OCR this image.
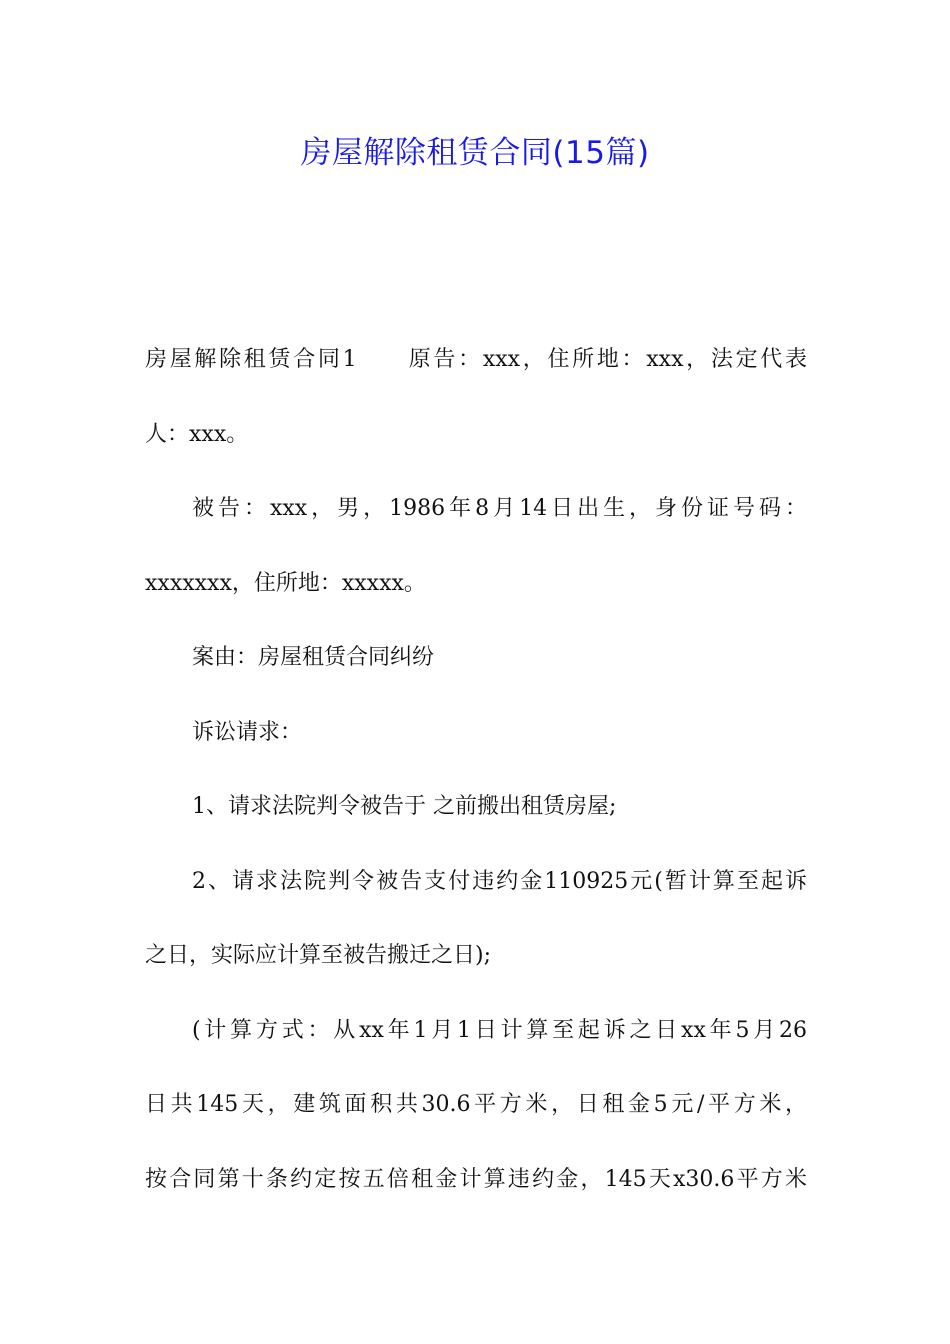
房屋解除租赁合同(15篇)
房屋解除租赁合同1　　原告：xxx，住所地：xxx，法定代表
人：xxx。
被告：xxx，男，1986年8月14日出生，身份证号码：
xxxxxxx，住所地：xxxxx。
案由：房屋租赁合同纠纷
诉讼请求：
1、请求法院判令被告于 之前搬出租赁房屋;
2、请求法院判令被告支付违约金110925元(暂计算至起诉
之日，实际应计算至被告搬迁之日);
(计算方式：从xx年1月1日计算至起诉之日xx年5月26
日共145天，建筑面积共30.6平方米，日租金5元/平方米，
按合同第十条约定按五倍租金计算违约金，145天x30.6平方米
